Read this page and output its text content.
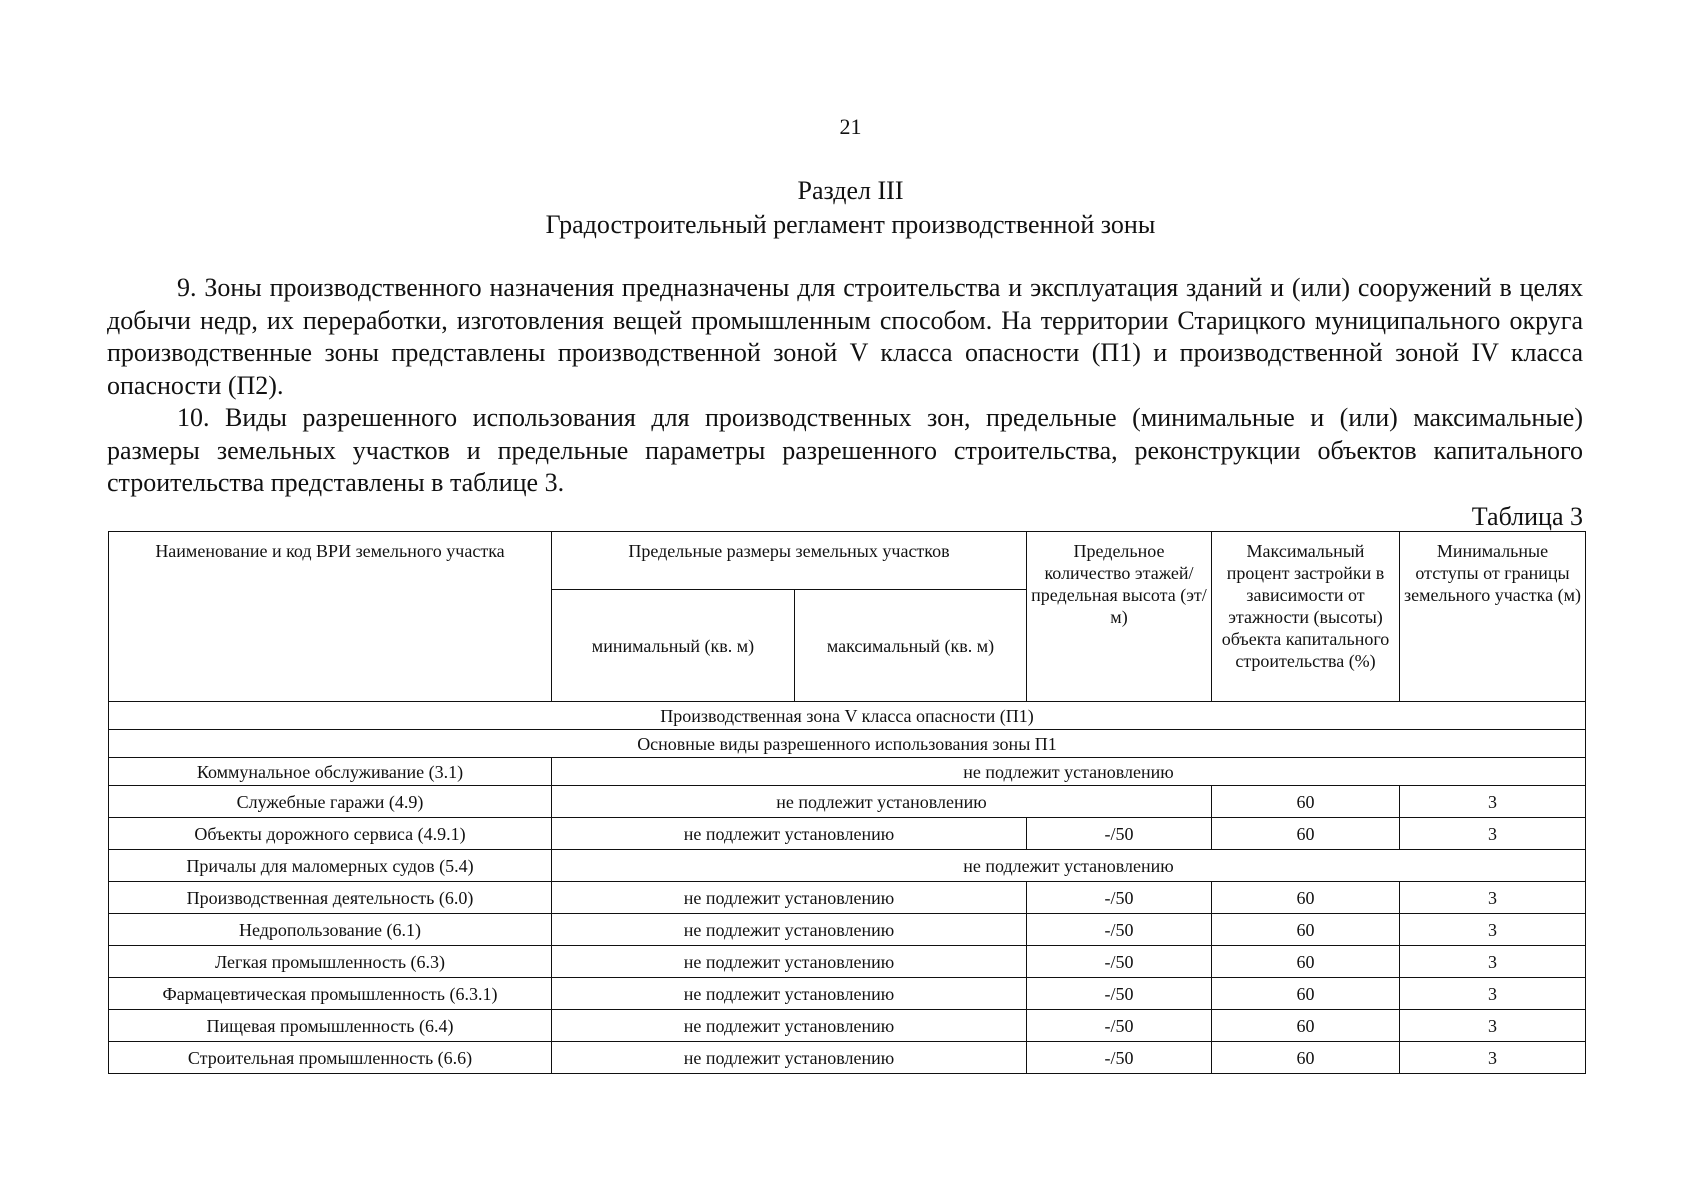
21
Раздел III
Градостроительный регламент производственной зоны

9. Зоны производственного назначения предназначены для строительства и эксплуатация зданий и (или) сооружений в целях добычи недр, их переработки, изготовления вещей промышленным способом. На территории Старицкого муниципального округа производственные зоны представлены производственной зоной V класса опасности (П1) и производственной зоной IV класса опасности (П2).

10. Виды разрешенного использования для производственных зон, предельные (минимальные и (или) максимальные) размеры земельных участков и предельные параметры разрешенного строительства, реконструкции объектов капитального строительства представлены в таблице 3.

Таблица 3
Наименование и код ВРИ земельного участка	Предельные размеры земельных участков		Предельное количество этажей/ предельная высота (эт/м)	Максимальный процент застройки в зависимости от этажности (высоты) объекта капитального строительства (%)	Минимальные отступы от границы земельного участка (м)
	минимальный (кв. м)	максимальный (кв. м)			
Производственная зона V класса опасности (П1)					
Основные виды разрешенного использования зоны П1					
Коммунальное обслуживание (3.1)	не подлежит установлению				
Служебные гаражи (4.9)	не подлежит установлению			60	3
Объекты дорожного сервиса (4.9.1)	не подлежит установлению		-/50	60	3
Причалы для маломерных судов (5.4)	не подлежит установлению				
Производственная деятельность (6.0)	не подлежит установлению		-/50	60	3
Недропользование (6.1)	не подлежит установлению		-/50	60	3
Легкая промышленность (6.3)	не подлежит установлению		-/50	60	3
Фармацевтическая промышленность (6.3.1)	не подлежит установлению		-/50	60	3
Пищевая промышленность (6.4)	не подлежит установлению		-/50	60	3
Строительная промышленность (6.6)	не подлежит установлению		-/50	60	3
